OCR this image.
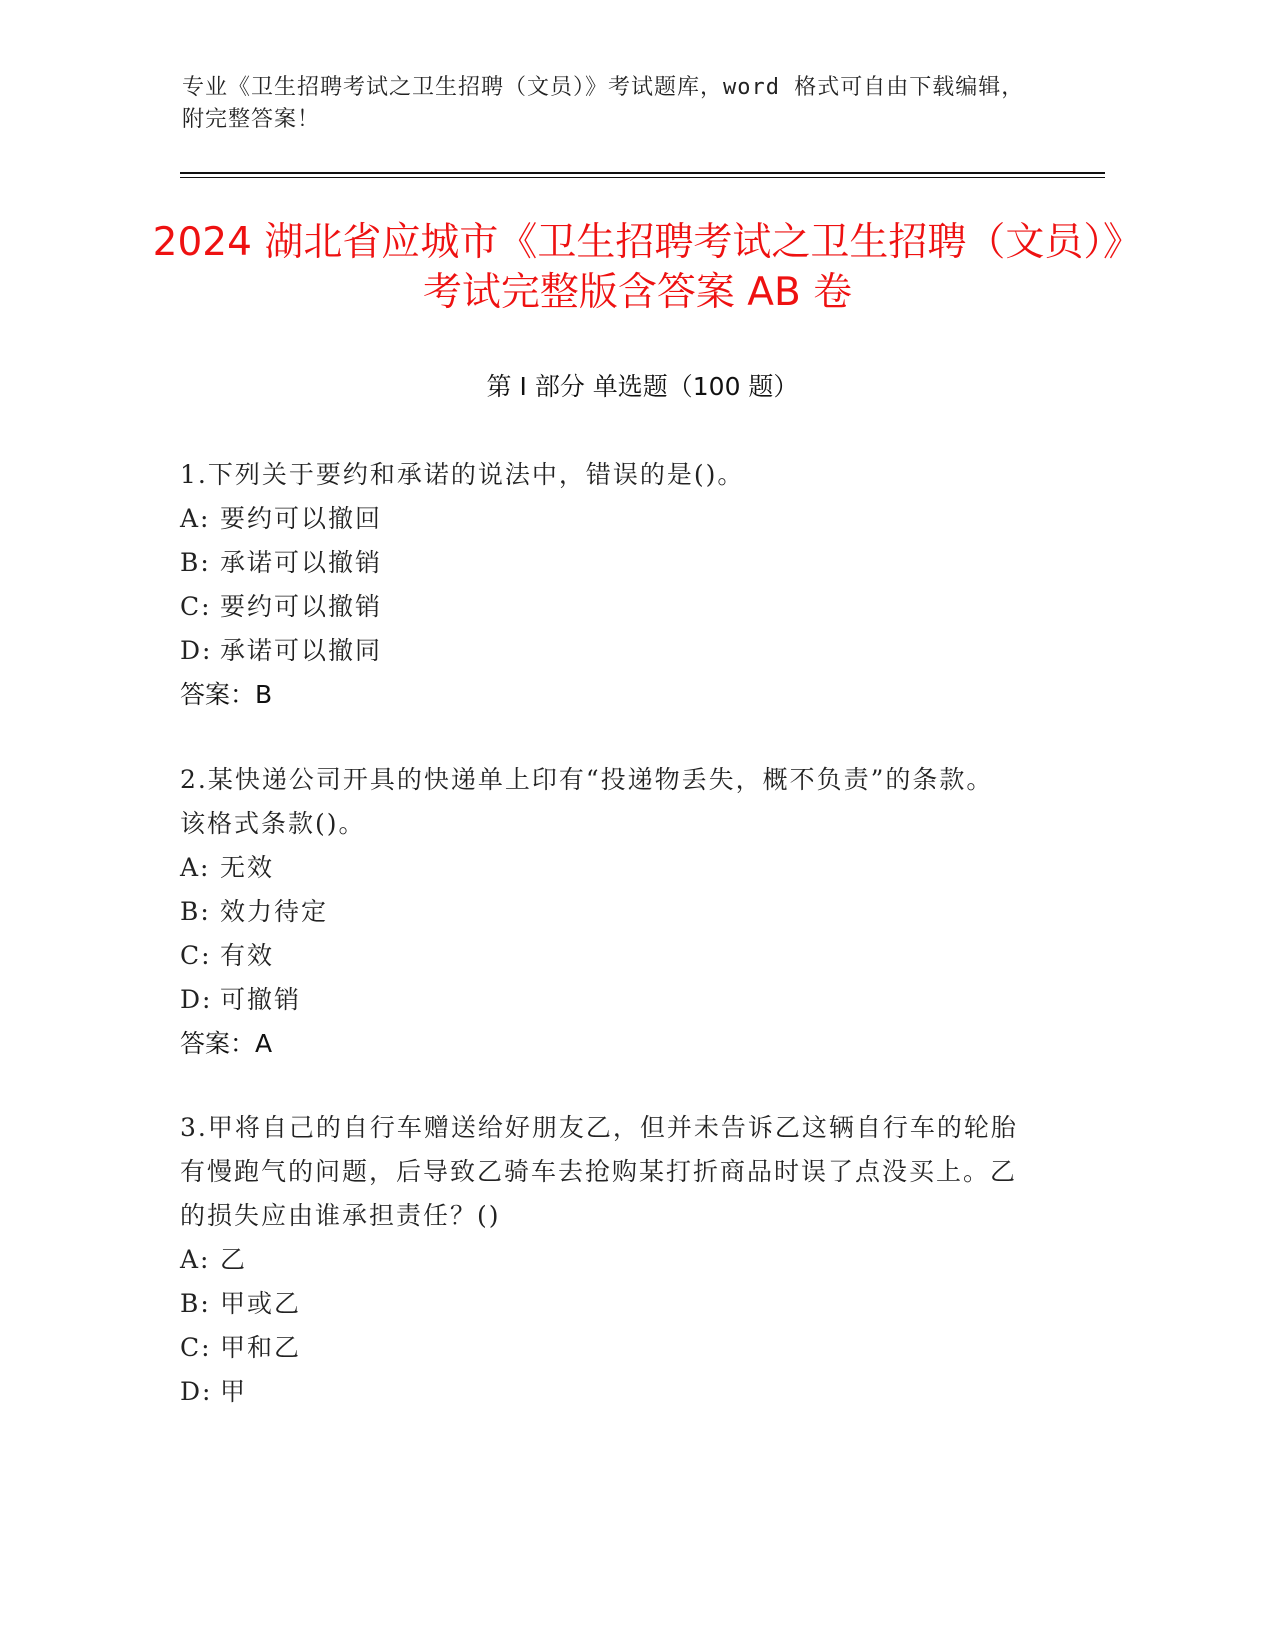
专业《卫生招聘考试之卫生招聘（文员）》考试题库，word 格式可自由下载编辑，附完整答案！
2024 湖北省应城市《卫生招聘考试之卫生招聘（文员）》考试完整版含答案 AB 卷
第 I 部分 单选题（100 题）
1.下列关于要约和承诺的说法中，错误的是()。
A: 要约可以撤回
B: 承诺可以撤销
C: 要约可以撤销
D: 承诺可以撤同
答案：B
2.某快递公司开具的快递单上印有“投递物丢失，概不负责”的条款。该格式条款()。
A: 无效
B: 效力待定
C: 有效
D: 可撤销
答案：A
3.甲将自己的自行车赠送给好朋友乙，但并未告诉乙这辆自行车的轮胎有慢跑气的问题，后导致乙骑车去抢购某打折商品时误了点没买上。乙的损失应由谁承担责任？()
A: 乙
B: 甲或乙
C: 甲和乙
D: 甲
